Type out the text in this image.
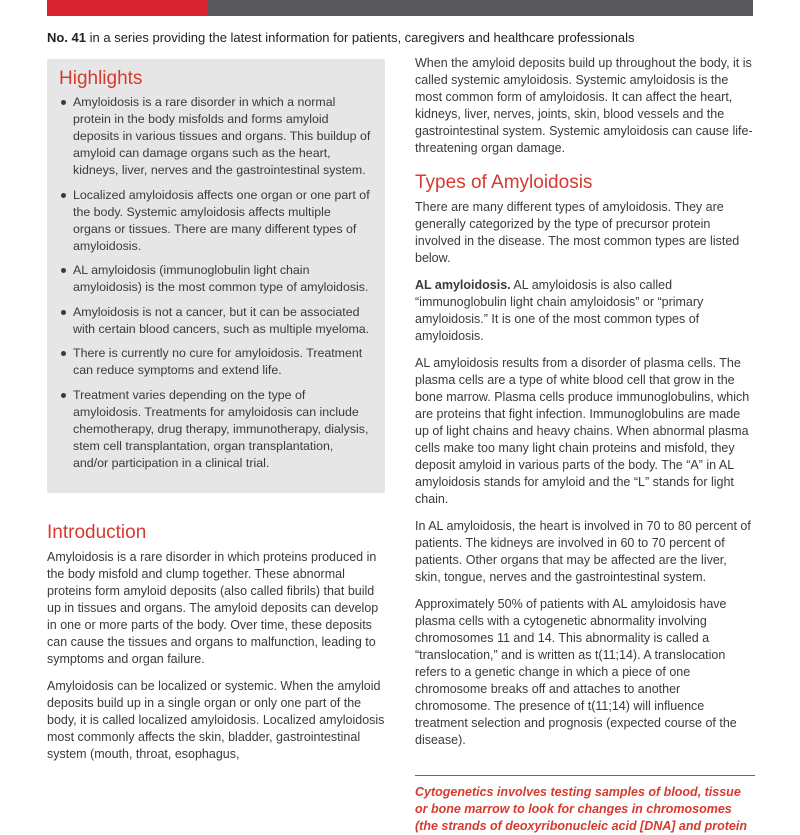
No. 41 in a series providing the latest information for patients, caregivers and healthcare professionals
Highlights
Amyloidosis is a rare disorder in which a normal protein in the body misfolds and forms amyloid deposits in various tissues and organs. This buildup of amyloid can damage organs such as the heart, kidneys, liver, nerves and the gastrointestinal system.
Localized amyloidosis affects one organ or one part of the body. Systemic amyloidosis affects multiple organs or tissues. There are many different types of amyloidosis.
AL amyloidosis (immunoglobulin light chain amyloidosis) is the most common type of amyloidosis.
Amyloidosis is not a cancer, but it can be associated with certain blood cancers, such as multiple myeloma.
There is currently no cure for amyloidosis. Treatment can reduce symptoms and extend life.
Treatment varies depending on the type of amyloidosis. Treatments for amyloidosis can include chemotherapy, drug therapy, immunotherapy, dialysis, stem cell transplantation, organ transplantation, and/or participation in a clinical trial.
Introduction

Amyloidosis is a rare disorder in which proteins produced in the body misfold and clump together. These abnormal proteins form amyloid deposits (also called fibrils) that build up in tissues and organs. The amyloid deposits can develop in one or more parts of the body. Over time, these deposits can cause the tissues and organs to malfunction, leading to symptoms and organ failure.

Amyloidosis can be localized or systemic. When the amyloid deposits build up in a single organ or only one part of the body, it is called localized amyloidosis. Localized amyloidosis most commonly affects the skin, bladder, gastrointestinal system (mouth, throat, esophagus,

When the amyloid deposits build up throughout the body, it is called systemic amyloidosis. Systemic amyloidosis is the most common form of amyloidosis. It can affect the heart, kidneys, liver, nerves, joints, skin, blood vessels and the gastrointestinal system. Systemic amyloidosis can cause life-threatening organ damage.

Types of Amyloidosis

There are many different types of amyloidosis. They are generally categorized by the type of precursor protein involved in the disease. The most common types are listed below.

AL amyloidosis. AL amyloidosis is also called “immunoglobulin light chain amyloidosis” or “primary amyloidosis.” It is one of the most common types of amyloidosis.

AL amyloidosis results from a disorder of plasma cells. The plasma cells are a type of white blood cell that grow in the bone marrow. Plasma cells produce immunoglobulins, which are proteins that fight infection. Immunoglobulins are made up of light chains and heavy chains. When abnormal plasma cells make too many light chain proteins and misfold, they deposit amyloid in various parts of the body. The “A” in AL amyloidosis stands for amyloid and the “L” stands for light chain.

In AL amyloidosis, the heart is involved in 70 to 80 percent of patients. The kidneys are involved in 60 to 70 percent of patients. Other organs that may be affected are the liver, skin, tongue, nerves and the gastrointestinal system.

Approximately 50% of patients with AL amyloidosis have plasma cells with a cytogenetic abnormality involving chromosomes 11 and 14. This abnormality is called a “translocation,” and is written as t(11;14). A translocation refers to a genetic change in which a piece of one chromosome breaks off and attaches to another chromosome. The presence of t(11;14) will influence treatment selection and prognosis (expected course of the disease).

Cytogenetics involves testing samples of blood, tissue or bone marrow to look for changes in chromosomes (the strands of deoxyribonucleic acid [DNA] and protein
